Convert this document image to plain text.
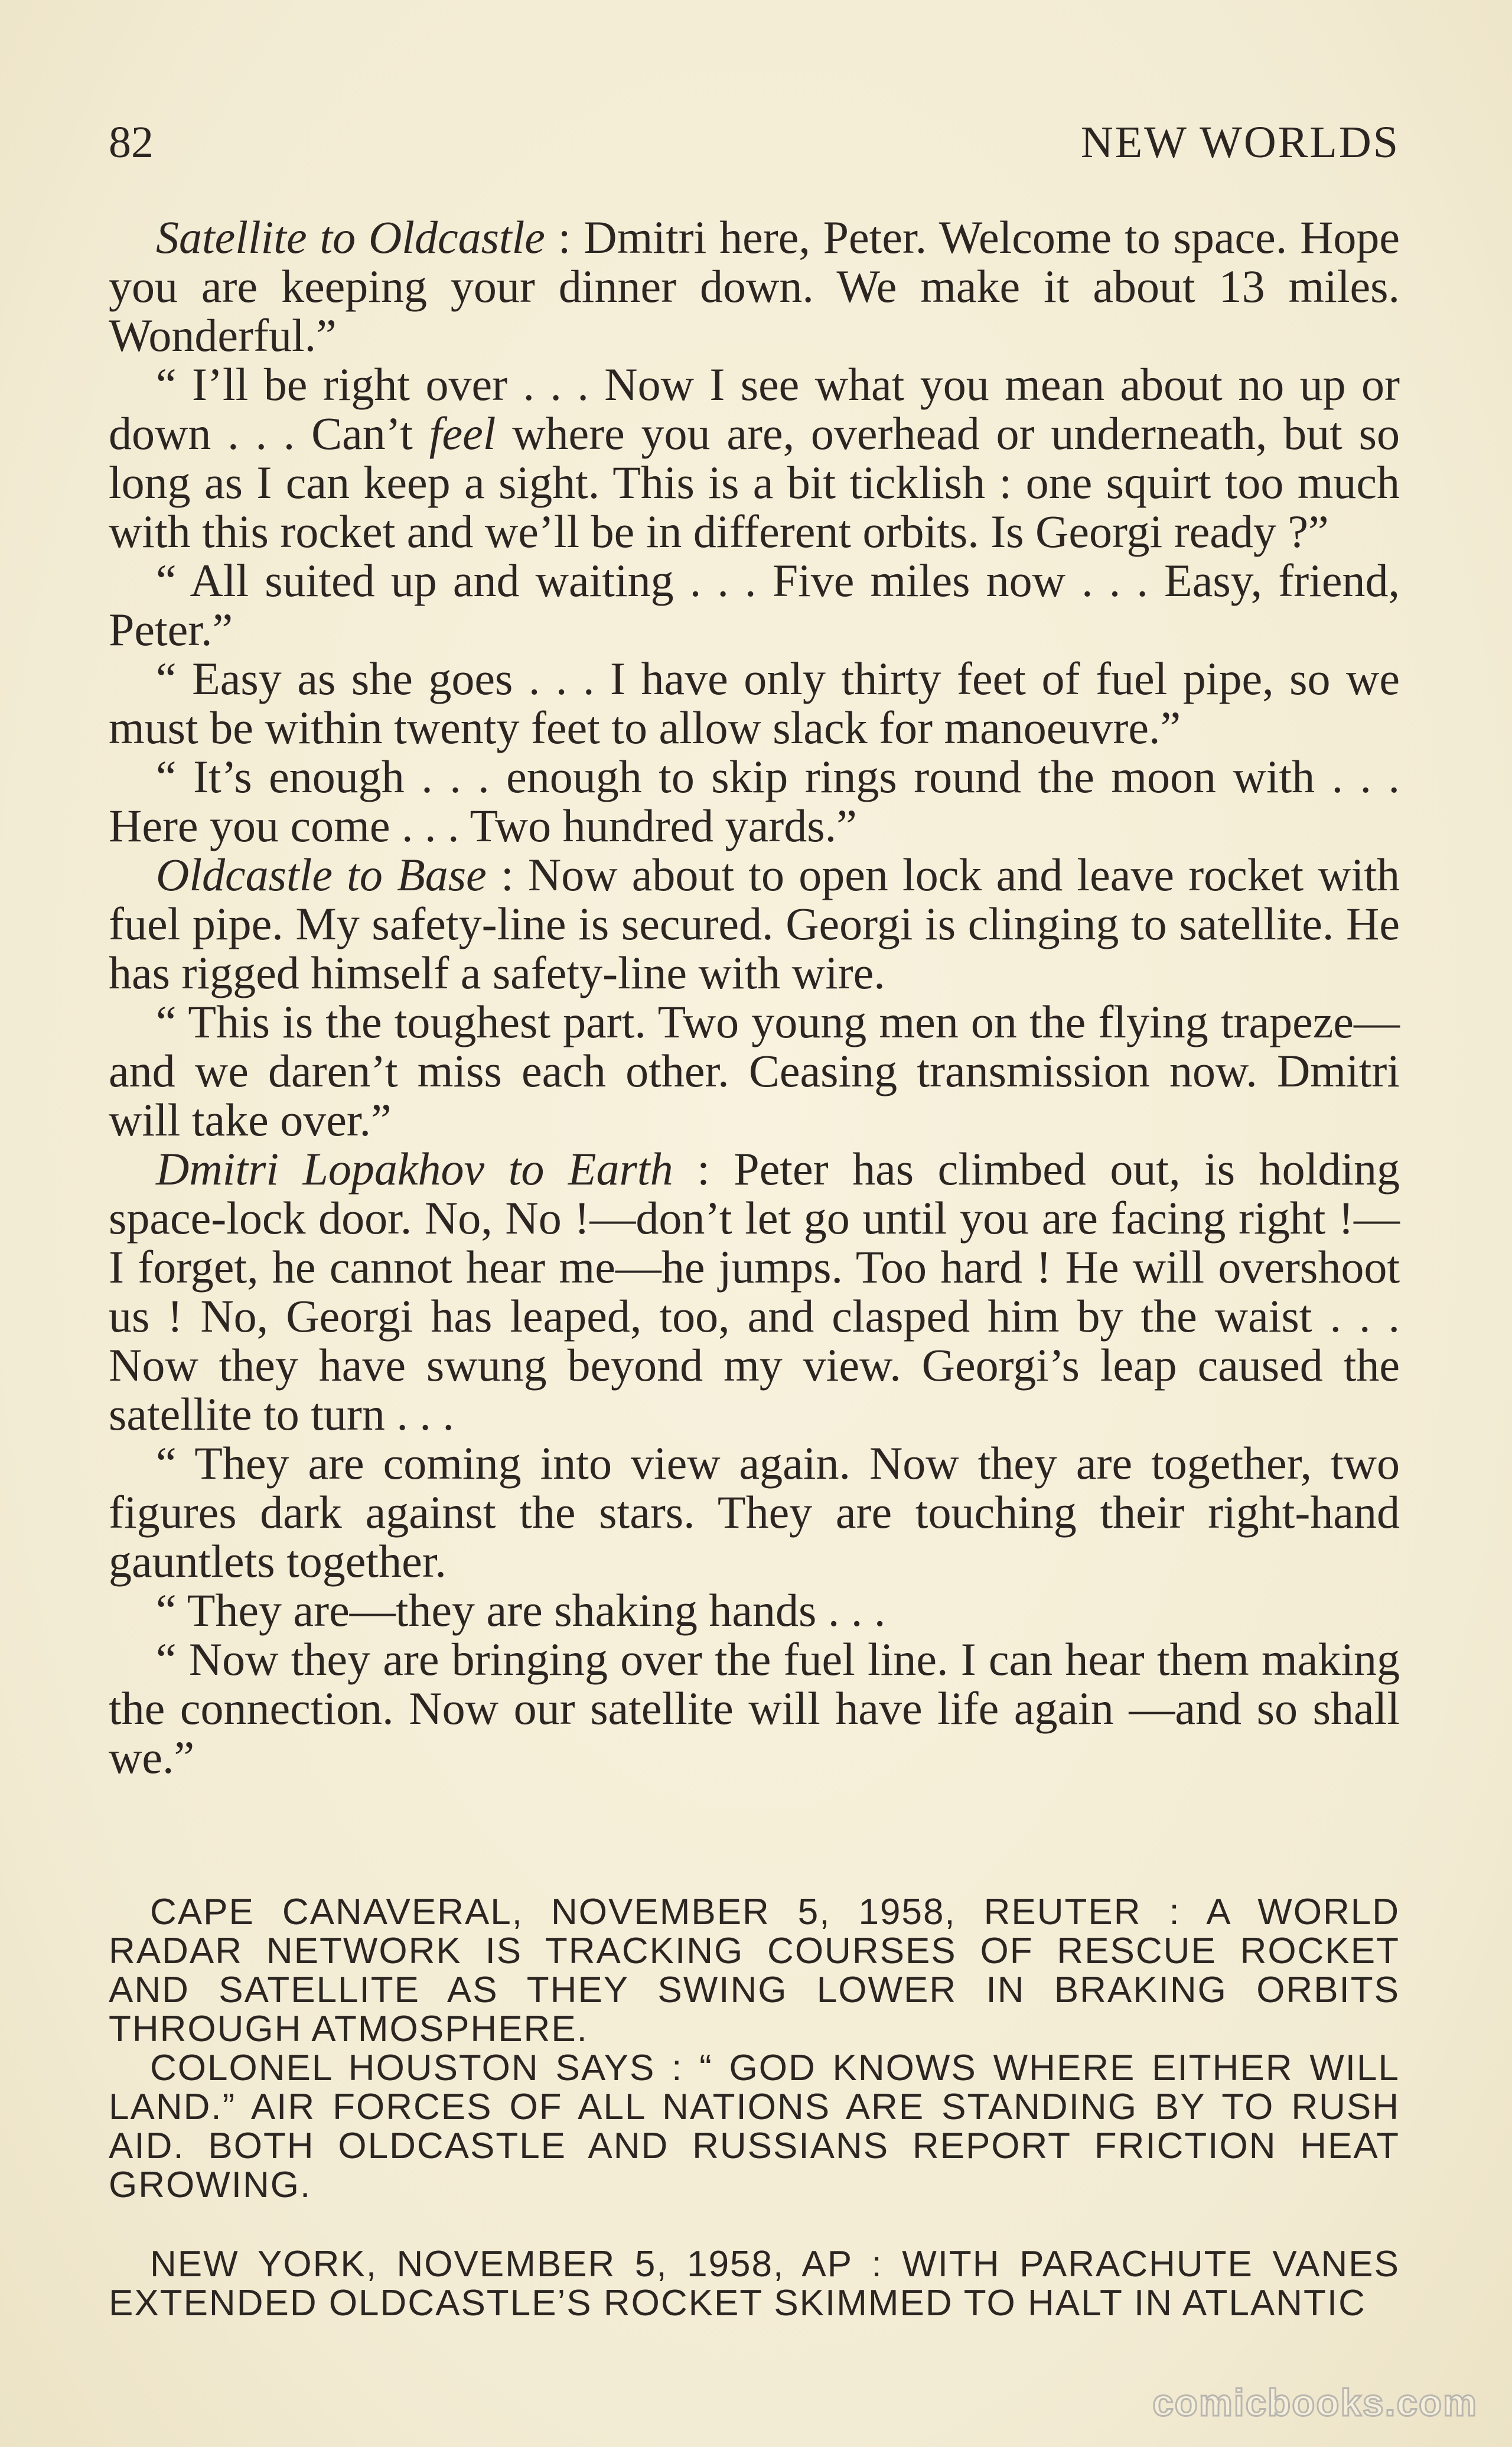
82	NEW WORLDS

Satellite to Oldcastle : Dmitri here, Peter. Welcome to space. Hope you are keeping your dinner down. We make it about 13 miles. Wonderful.”

“ I’ll be right over . . . Now I see what you mean about no up or down . . . Can’t feel where you are, overhead or underneath, but so long as I can keep a sight. This is a bit ticklish : one squirt too much with this rocket and we’ll be in different orbits. Is Georgi ready ?”

“ All suited up and waiting . . . Five miles now . . . Easy, friend, Peter.”

“ Easy as she goes . . . I have only thirty feet of fuel pipe, so we must be within twenty feet to allow slack for manoeuvre.”

“ It’s enough . . . enough to skip rings round the moon with . . . Here you come . . . Two hundred yards.”

Oldcastle to Base : Now about to open lock and leave rocket with fuel pipe. My safety-line is secured. Georgi is clinging to satellite. He has rigged himself a safety-line with wire.

“ This is the toughest part. Two young men on the flying trapeze—and we daren’t miss each other. Ceasing transmission now. Dmitri will take over.”

Dmitri Lopakhov to Earth : Peter has climbed out, is holding space-lock door. No, No !—don’t let go until you are facing right !—I forget, he cannot hear me—he jumps. Too hard ! He will overshoot us ! No, Georgi has leaped, too, and clasped him by the waist . . . Now they have swung beyond my view. Georgi’s leap caused the satellite to turn . . .

“ They are coming into view again. Now they are together, two figures dark against the stars. They are touching their right-hand gauntlets together.

“ They are—they are shaking hands . . .

“ Now they are bringing over the fuel line. I can hear them making the connection. Now our satellite will have life again —and so shall we.”

CAPE CANAVERAL, NOVEMBER 5, 1958, REUTER : A WORLD RADAR NETWORK IS TRACKING COURSES OF RESCUE ROCKET AND SATELLITE AS THEY SWING LOWER IN BRAKING ORBITS THROUGH ATMOSPHERE.

COLONEL HOUSTON SAYS : “ GOD KNOWS WHERE EITHER WILL LAND.” AIR FORCES OF ALL NATIONS ARE STANDING BY TO RUSH AID. BOTH OLDCASTLE AND RUSSIANS REPORT FRICTION HEAT GROWING.

NEW YORK, NOVEMBER 5, 1958, AP : WITH PARACHUTE VANES EXTENDED OLDCASTLE’S ROCKET SKIMMED TO HALT IN ATLANTIC

comicbooks.com
